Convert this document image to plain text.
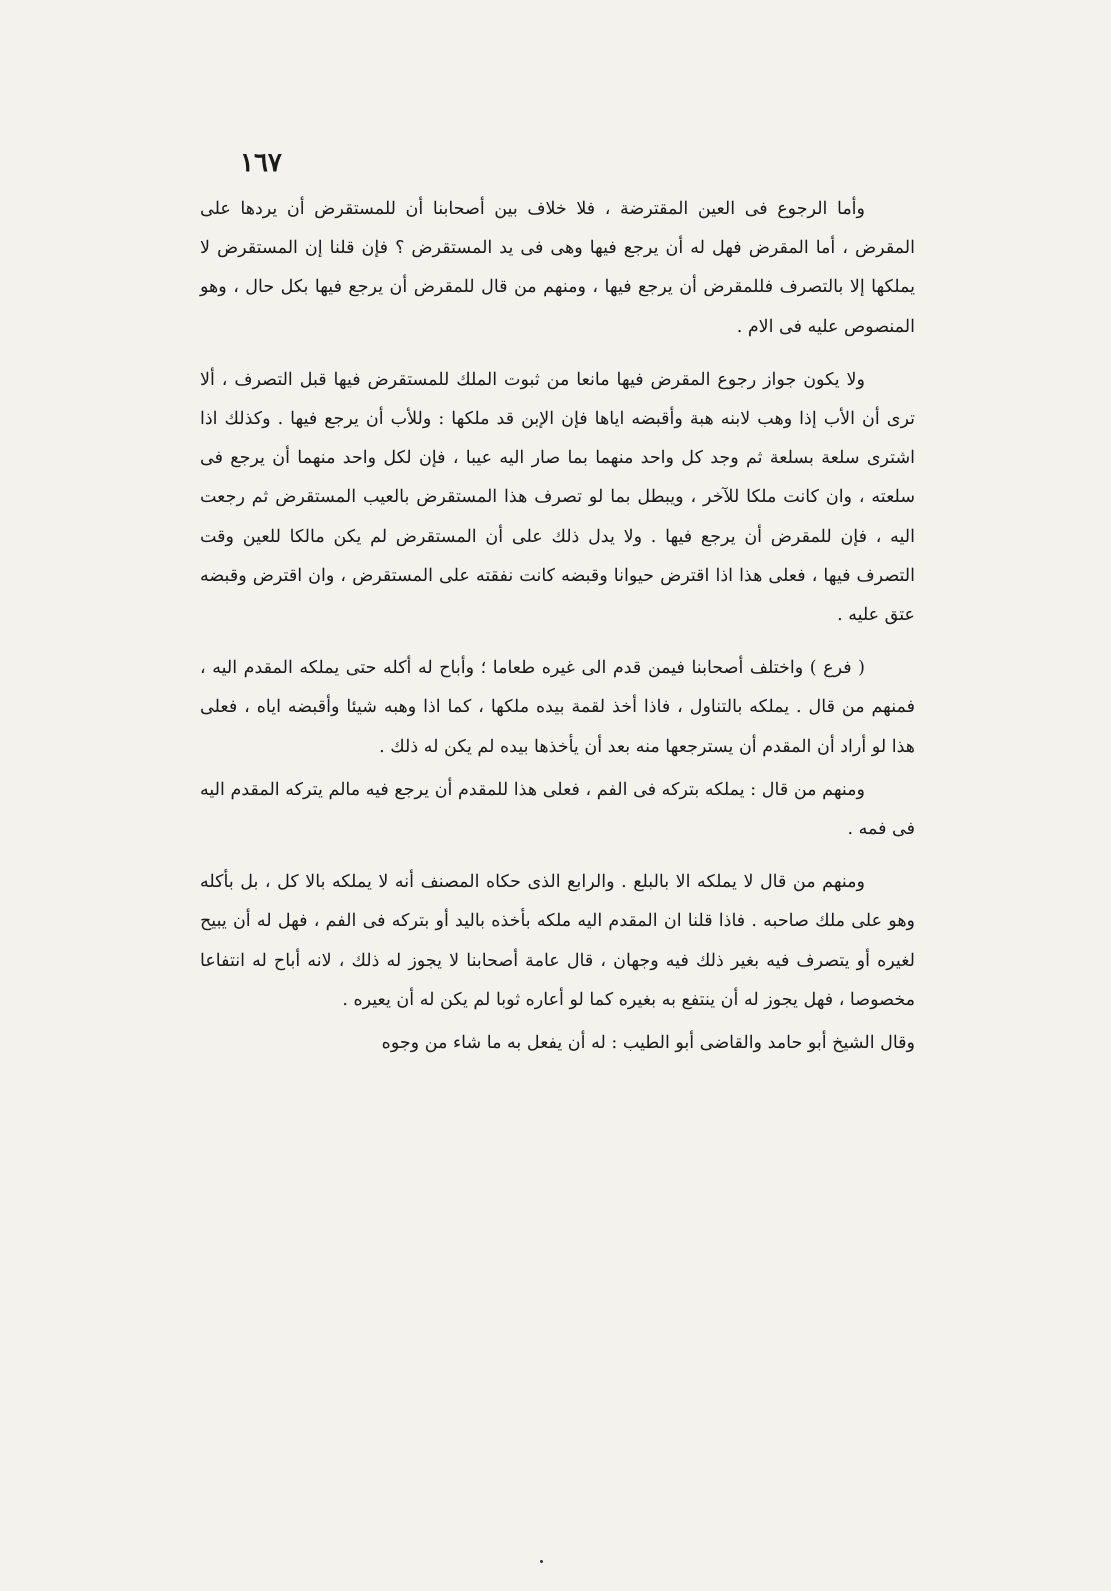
١٦٧

وأما الرجوع فى العين المقترضة ، فلا خلاف بين أصحابنا أن للمستقرض أن يردها على المقرض ، أما المقرض فهل له أن يرجع فيها وهى فى يد المستقرض ؟ فإن قلنا إن المستقرض لا يملكها إلا بالتصرف فللمقرض أن يرجع فيها ، ومنهم من قال للمقرض أن يرجع فيها بكل حال ، وهو المنصوص عليه فى الام .

ولا يكون جواز رجوع المقرض فيها مانعا من ثبوت الملك للمستقرض فيها قبل التصرف ، ألا ترى أن الأب إذا وهب لابنه هبة وأقبضه اياها فإن الإبن قد ملكها : وللأب أن يرجع فيها . وكذلك اذا اشترى سلعة بسلعة ثم وجد كل واحد منهما بما صار اليه عيبا ، فإن لكل واحد منهما أن يرجع فى سلعته ، وان كانت ملكا للآخر ، ويبطل بما لو تصرف هذا المستقرض بالعيب المستقرض ثم رجعت اليه ، فإن للمقرض أن يرجع فيها . ولا يدل ذلك على أن المستقرض لم يكن مالكا للعين وقت التصرف فيها ، فعلى هذا اذا اقترض حيوانا وقبضه كانت نفقته على المستقرض ، وان اقترض وقبضه عتق عليه .

( فرع ) واختلف أصحابنا فيمن قدم الى غيره طعاما ؛ وأباح له أكله حتى يملكه المقدم اليه ، فمنهم من قال . يملكه بالتناول ، فاذا أخذ لقمة بيده ملكها ، كما اذا وهبه شيئا وأقبضه اياه ، فعلى هذا لو أراد أن المقدم أن يسترجعها منه بعد أن يأخذها بيده لم يكن له ذلك .

ومنهم من قال : يملكه بتركه فى الفم ، فعلى هذا للمقدم أن يرجع فيه مالم يتركه المقدم اليه فى فمه .

ومنهم من قال لا يملكه الا بالبلع . والرابع الذى حكاه المصنف أنه لا يملكه بالا كل ، بل بأكله وهو على ملك صاحبه . فاذا قلنا ان المقدم اليه ملكه بأخذه باليد أو بتركه فى الفم ، فهل له أن يبيح لغيره أو يتصرف فيه بغير ذلك فيه وجهان ، قال عامة أصحابنا لا يجوز له ذلك ، لانه أباح له انتفاعا مخصوصا ، فهل يجوز له أن ينتفع به بغيره كما لو أعاره ثوبا لم يكن له أن يعيره .

وقال الشيخ أبو حامد والقاضى أبو الطيب : له أن يفعل به ما شاء من وجوه
